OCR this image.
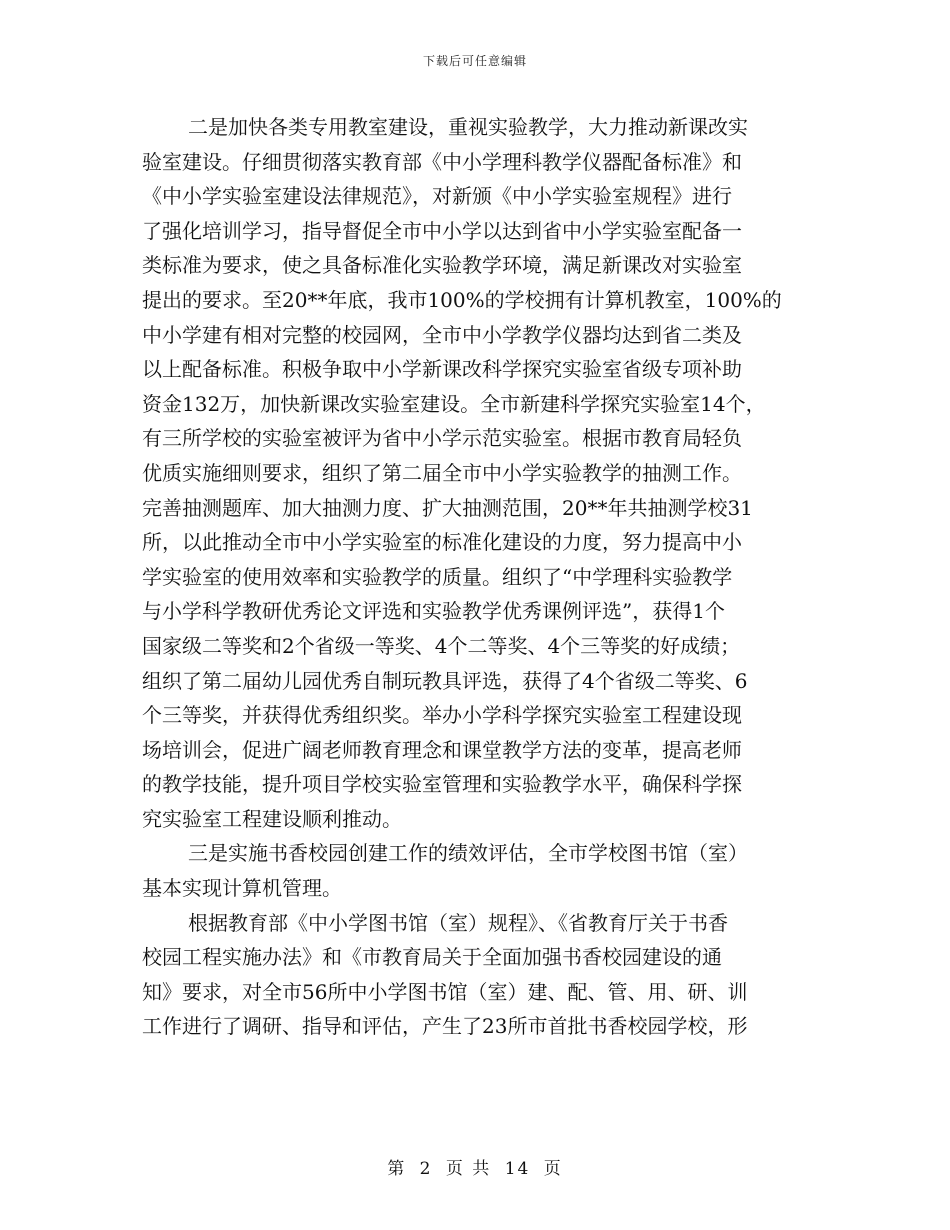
下载后可任意编辑
二是加快各类专用教室建设，重视实验教学，大力推动新课改实
验室建设。仔细贯彻落实教育部《中小学理科教学仪器配备标准》和
《中小学实验室建设法律规范》，对新颁《中小学实验室规程》进行
了强化培训学习，指导督促全市中小学以达到省中小学实验室配备一
类标准为要求，使之具备标准化实验教学环境，满足新课改对实验室
提出的要求。至20**年底，我市100%的学校拥有计算机教室，100%的
中小学建有相对完整的校园网，全市中小学教学仪器均达到省二类及
以上配备标准。积极争取中小学新课改科学探究实验室省级专项补助
资金132万，加快新课改实验室建设。全市新建科学探究实验室14个，
有三所学校的实验室被评为省中小学示范实验室。根据市教育局轻负
优质实施细则要求，组织了第二届全市中小学实验教学的抽测工作。
完善抽测题库、加大抽测力度、扩大抽测范围，20**年共抽测学校31
所，以此推动全市中小学实验室的标准化建设的力度，努力提高中小
学实验室的使用效率和实验教学的质量。组织了“中学理科实验教学
与小学科学教研优秀论文评选和实验教学优秀课例评选”，获得1个
国家级二等奖和2个省级一等奖、4个二等奖、4个三等奖的好成绩；
组织了第二届幼儿园优秀自制玩教具评选，获得了4个省级二等奖、6
个三等奖，并获得优秀组织奖。举办小学科学探究实验室工程建设现
场培训会，促进广阔老师教育理念和课堂教学方法的变革，提高老师
的教学技能，提升项目学校实验室管理和实验教学水平，确保科学探
究实验室工程建设顺利推动。
三是实施书香校园创建工作的绩效评估，全市学校图书馆（室）
基本实现计算机管理。
根据教育部《中小学图书馆（室）规程》、《省教育厅关于书香
校园工程实施办法》和《市教育局关于全面加强书香校园建设的通
知》要求，对全市56所中小学图书馆（室）建、配、管、用、研、训
工作进行了调研、指导和评估，产生了23所市首批书香校园学校，形
第 2 页 共 14 页
